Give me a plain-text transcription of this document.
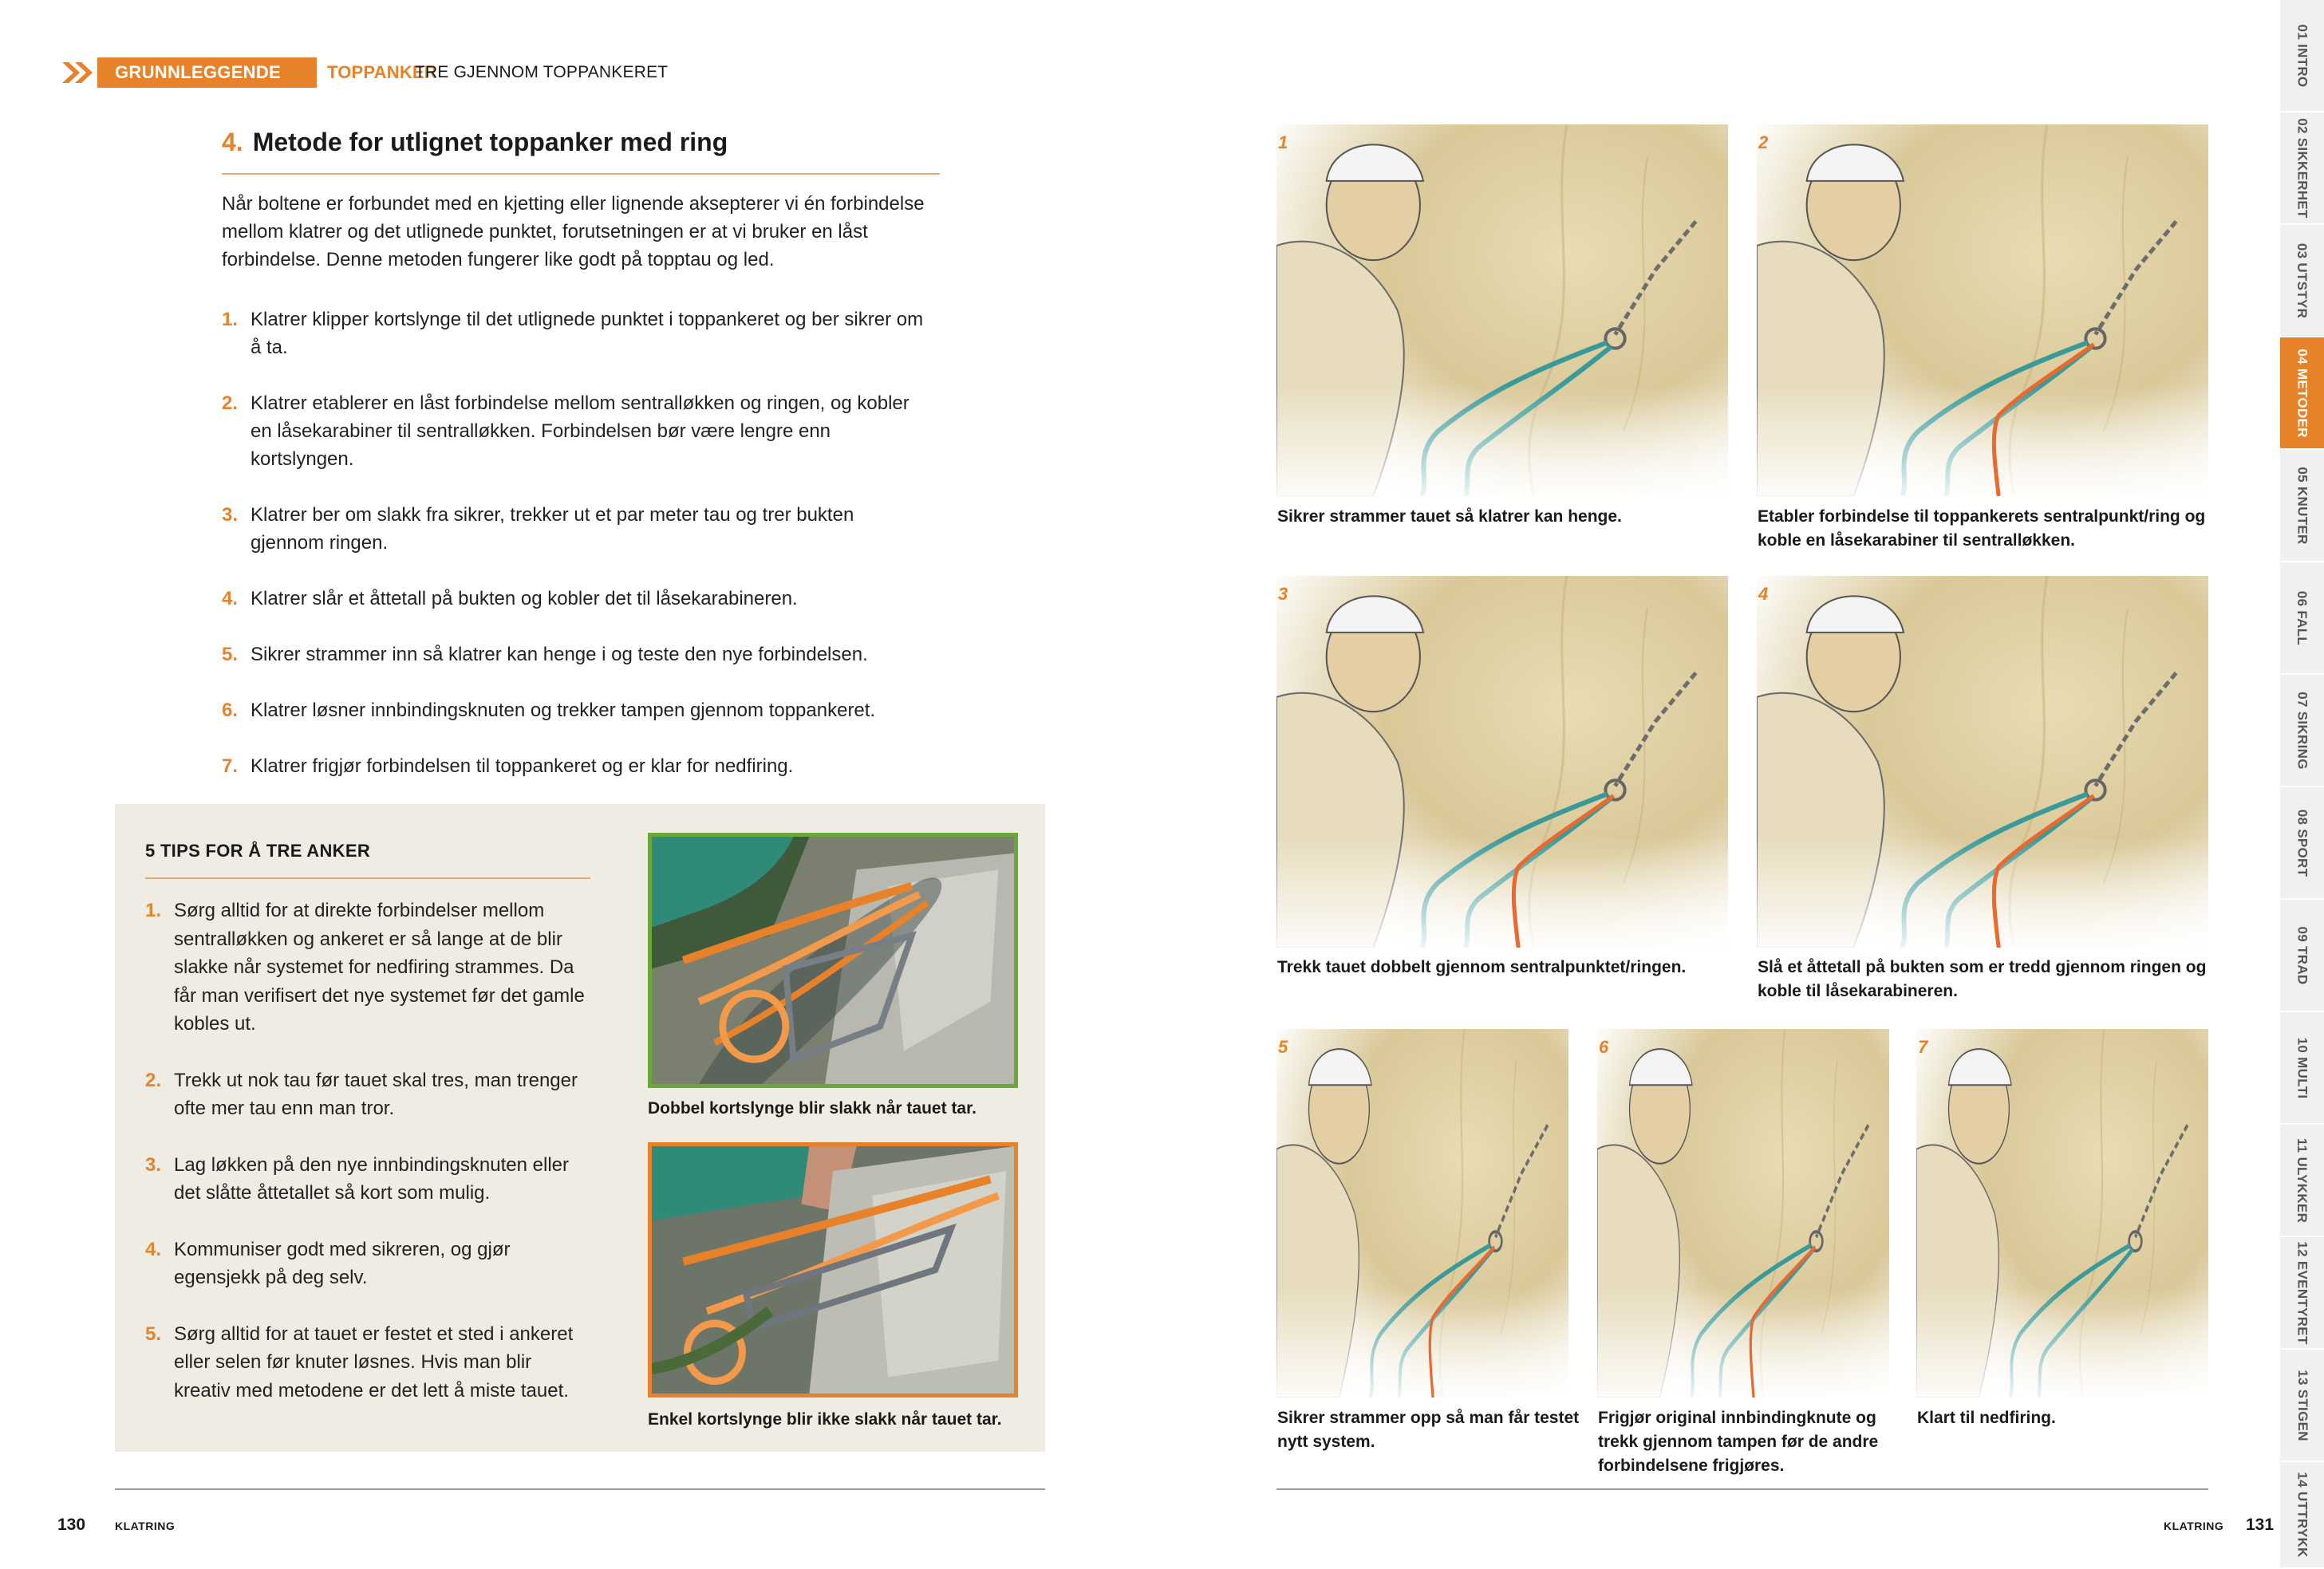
GRUNNLEGGENDE METODER
TOPPANKER
TRE GJENNOM TOPPANKERET
4. Metode for utlignet toppanker med ring
Når boltene er forbundet med en kjetting eller lignende aksepterer vi én forbindelse mellom klatrer og det utlignede punktet, forutsetningen er at vi bruker en låst forbindelse. Denne metoden fungerer like godt på topptau og led.
1. Klatrer klipper kortslynge til det utlignede punktet i toppankeret og ber sikrer om å ta.
2. Klatrer etablerer en låst forbindelse mellom sentralløkken og ringen, og kobler en låsekarabiner til sentralløkken. Forbindelsen bør være lengre enn kortslyngen.
3. Klatrer ber om slakk fra sikrer, trekker ut et par meter tau og trer bukten gjennom ringen.
4. Klatrer slår et åttetall på bukten og kobler det til låsekarabineren.
5. Sikrer strammer inn så klatrer kan henge i og teste den nye forbindelsen.
6. Klatrer løsner innbindingsknuten og trekker tampen gjennom toppankeret.
7. Klatrer frigjør forbindelsen til toppankeret og er klar for nedfiring.
5 TIPS FOR Å TRE ANKER
1. Sørg alltid for at direkte forbindelser mellom sentralløkken og ankeret er så lange at de blir slakke når systemet for nedfiring strammes. Da får man verifisert det nye systemet før det gamle kobles ut.
2. Trekk ut nok tau før tauet skal tres, man trenger ofte mer tau enn man tror.
3. Lag løkken på den nye innbindingsknuten eller det slåtte åttetallet så kort som mulig.
4. Kommuniser godt med sikreren, og gjør egensjekk på deg selv.
5. Sørg alltid for at tauet er festet et sted i ankeret eller selen før knuter løsnes. Hvis man blir kreativ med metodene er det lett å miste tauet.
Dobbel kortslynge blir slakk når tauet tar.
Enkel kortslynge blir ikke slakk når tauet tar.
130	KLATRING
1
Sikrer strammer tauet så klatrer kan henge.
2
Etabler forbindelse til toppankerets sentralpunkt/ring og koble en låsekarabiner til sentralløkken.
3
Trekk tauet dobbelt gjennom sentralpunktet/ringen.
4
Slå et åttetall på bukten som er tredd gjennom ringen og koble til låsekarabineren.
5
Sikrer strammer opp så man får testet nytt system.
6
Frigjør original innbindingknute og trekk gjennom tampen før de andre forbindelsene frigjøres.
7
Klart til nedfiring.
KLATRING 131
01 INTRO
02 SIKKERHET
03 UTSTYR
04 METODER
05 KNUTER
06 FALL
07 SIKRING
08 SPORT
09 TRAD
10 MULTI
11 ULYKKER
12 EVENTYRET
13 STIGEN
14 UTTRYKK
